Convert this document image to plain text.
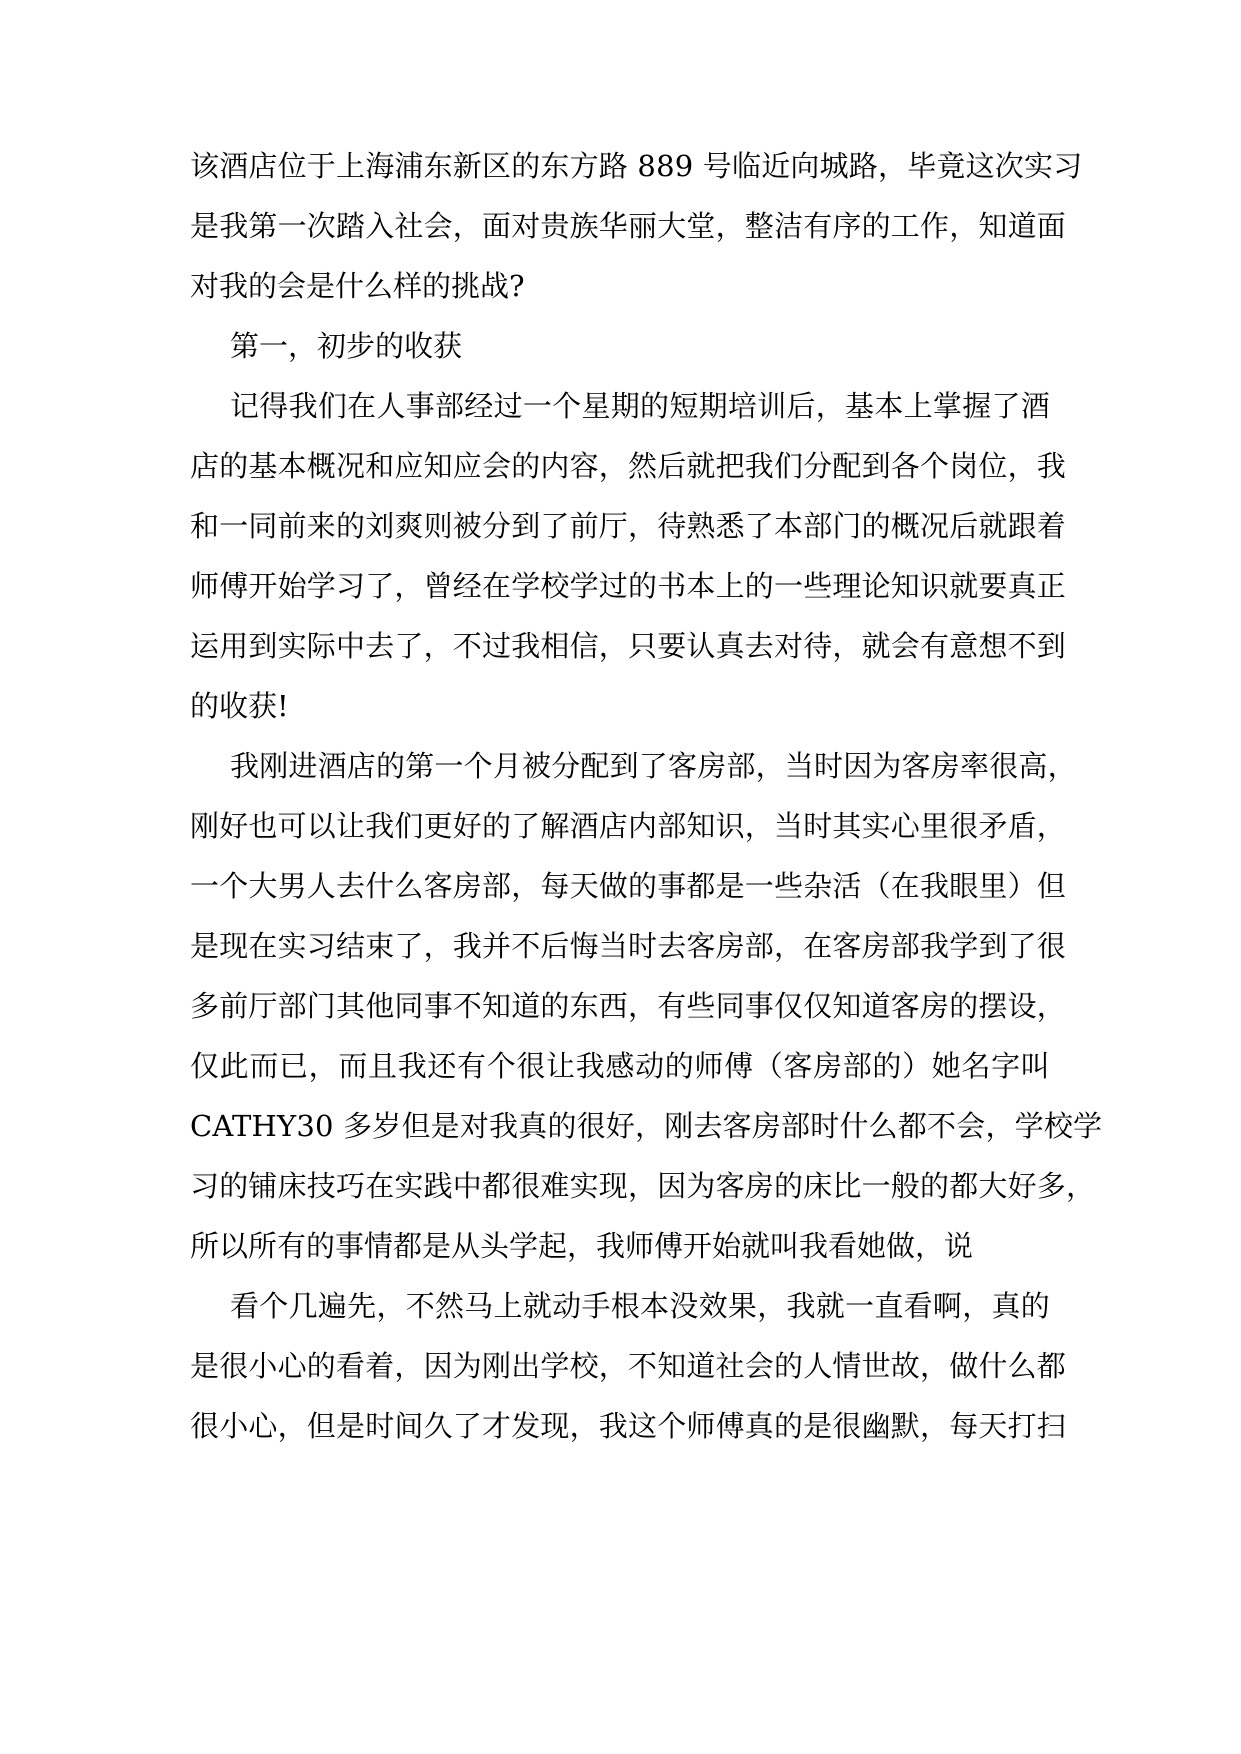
该酒店位于上海浦东新区的东方路 889 号临近向城路，毕竟这次实习
是我第一次踏入社会，面对贵族华丽大堂，整洁有序的工作，知道面
对我的会是什么样的挑战?
第一，初步的收获
记得我们在人事部经过一个星期的短期培训后，基本上掌握了酒
店的基本概况和应知应会的内容，然后就把我们分配到各个岗位，我
和一同前来的刘爽则被分到了前厅，待熟悉了本部门的概况后就跟着
师傅开始学习了，曾经在学校学过的书本上的一些理论知识就要真正
运用到实际中去了，不过我相信，只要认真去对待，就会有意想不到
的收获!
我刚进酒店的第一个月被分配到了客房部，当时因为客房率很高，
刚好也可以让我们更好的了解酒店内部知识，当时其实心里很矛盾，
一个大男人去什么客房部，每天做的事都是一些杂活（在我眼里）但
是现在实习结束了，我并不后悔当时去客房部，在客房部我学到了很
多前厅部门其他同事不知道的东西，有些同事仅仅知道客房的摆设，
仅此而已，而且我还有个很让我感动的师傅（客房部的）她名字叫
CATHY30 多岁但是对我真的很好，刚去客房部时什么都不会，学校学
习的铺床技巧在实践中都很难实现，因为客房的床比一般的都大好多，
所以所有的事情都是从头学起，我师傅开始就叫我看她做，说
看个几遍先，不然马上就动手根本没效果，我就一直看啊，真的
是很小心的看着，因为刚出学校，不知道社会的人情世故，做什么都
很小心，但是时间久了才发现，我这个师傅真的是很幽默，每天打扫
